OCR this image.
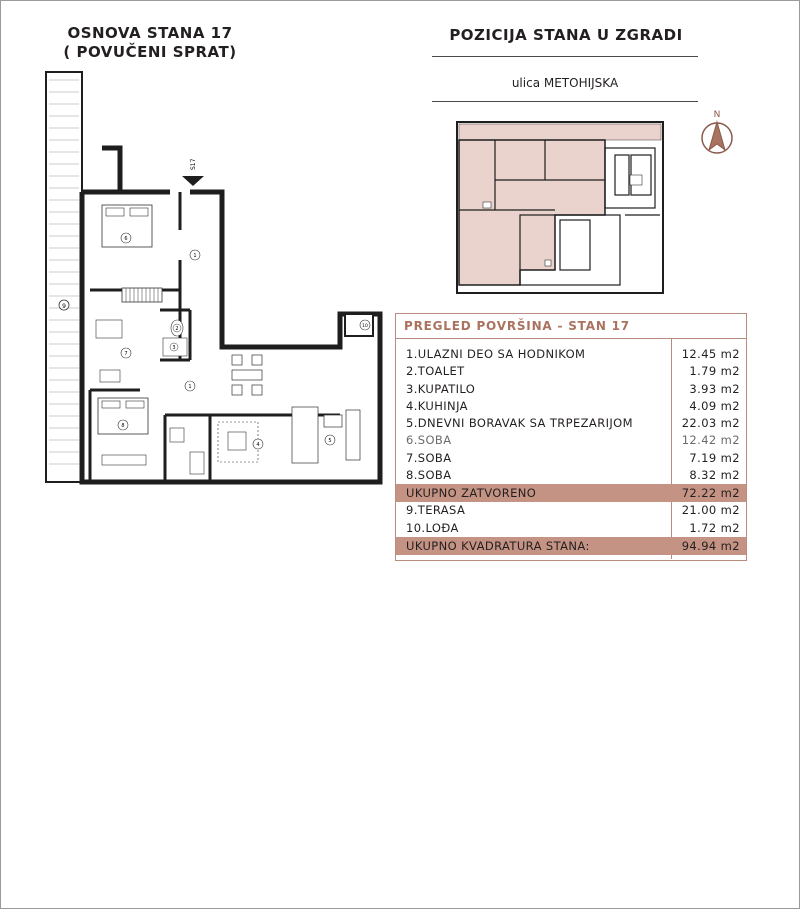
OSNOVA STANA 17
( POVUČENI SPRAT)
POZICIJA STANA U ZGRADI
ulica METOHIJSKA
N
9
S17
6
1
7
2
3
8
5
1
4
10	PREGLED POVRŠINA - STAN 17
1.ULAZNI DEO SA HODNIKOM	12.45 m2
2.TOALET	1.79 m2
3.KUPATILO	3.93 m2
4.KUHINJA	4.09 m2
5.DNEVNI BORAVAK SA TRPEZARIJOM	22.03 m2
6.SOBA	12.42 m2
7.SOBA	7.19 m2
8.SOBA	8.32 m2
UKUPNO ZATVORENO	72.22 m2
9.TERASA	21.00 m2
10.LOĐA	1.72 m2
UKUPNO KVADRATURA STANA:	94.94 m2
